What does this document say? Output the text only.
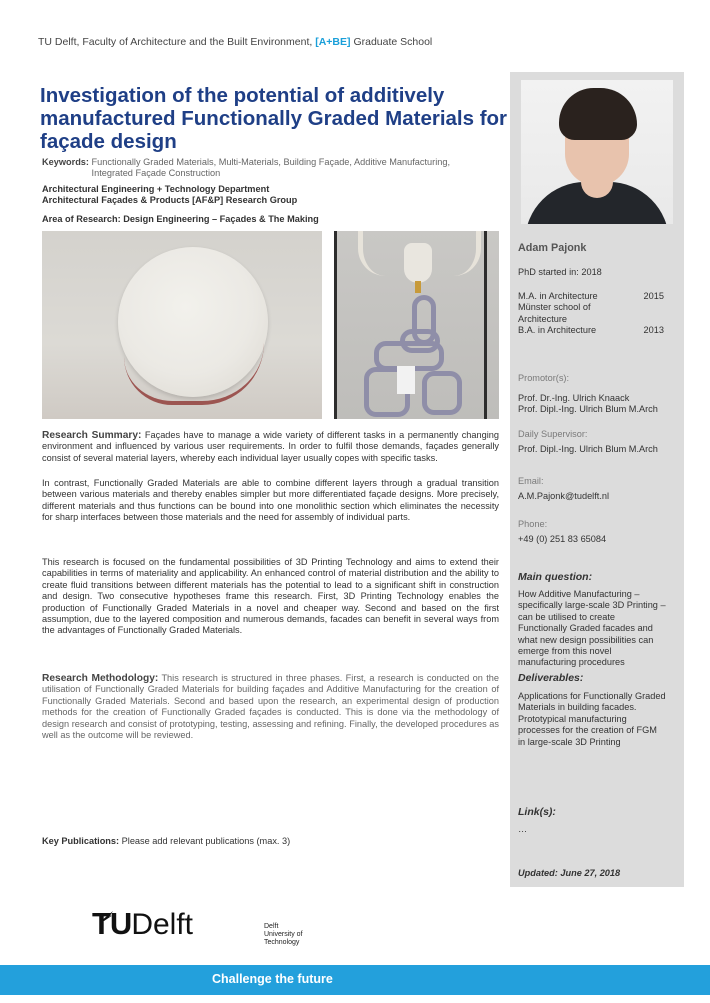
TU Delft, Faculty of Architecture and the Built Environment, [A+BE] Graduate School
Investigation of the potential of additively manufactured Functionally Graded Materials for façade design
Keywords: Functionally Graded Materials, Multi-Materials, Building Façade, Additive Manufacturing, Integrated Façade Construction
Architectural Engineering + Technology Department
Architectural Façades & Products [AF&P] Research Group
Area of Research: Design Engineering – Façades & The Making

Research Summary: Façades have to manage a wide variety of different tasks in a permanently changing environment and influenced by various user requirements. In order to fulfil those demands, façades generally consist of several material layers, whereby each individual layer usually copes with specific tasks.

In contrast, Functionally Graded Materials are able to combine different layers through a gradual transition between various materials and thereby enables simpler but more differentiated façade designs. More precisely, different materials and thus functions can be bound into one monolithic section which eliminates the necessity for sharp interfaces between those materials and the need for assembly of individual parts.

This research is focused on the fundamental possibilities of 3D Printing Technology and aims to extend their capabilities in terms of materiality and applicability. An enhanced control of material distribution and the ability to create fluid transitions between different materials has the potential to lead to a significant shift in construction and design. Two consecutive hypotheses frame this research. First, 3D Printing Technology enables the production of Functionally Graded Materials in a novel and cheaper way. Second and based on the first assumption, due to the layered composition and numerous demands, facades can benefit in several ways from the advantages of Functionally Graded Materials.

Research Methodology: This research is structured in three phases. First, a research is conducted on the utilisation of Functionally Graded Materials for building façades and Additive Manufacturing for the creation of Functionally Graded Materials. Second and based upon the research, an experimental design of production methods for the creation of Functionally Graded façades is conducted. This is done via the methodology of design research and consist of prototyping, testing, assessing and refining. Finally, the developed procedures as well as the outcome will be reviewed.

Key Publications: Please add relevant publications (max. 3)
Adam Pajonk
PhD started in: 2018
M.A. in Architecture	2015
Münster school of Architecture
B.A. in Architecture	2013
Promotor(s):
Prof. Dr.-Ing. Ulrich Knaack
Prof. Dipl.-Ing. Ulrich Blum M.Arch
Daily Supervisor:
Prof. Dipl.-Ing. Ulrich Blum M.Arch
Email:
A.M.Pajonk@tudelft.nl
Phone:
+49 (0) 251 83 65084
Main question:
How Additive Manufacturing – specifically large-scale 3D Printing – can be utilised to create Functionally Graded facades and what new design possibilities can emerge from this novel manufacturing procedures
Deliverables:
Applications for Functionally Graded Materials in building facades. Prototypical manufacturing processes for the creation of FGM in large-scale 3D Printing
Link(s):
…
Updated: June 27, 2018
TUDelft	Delft
University of
Technology
Challenge the future
